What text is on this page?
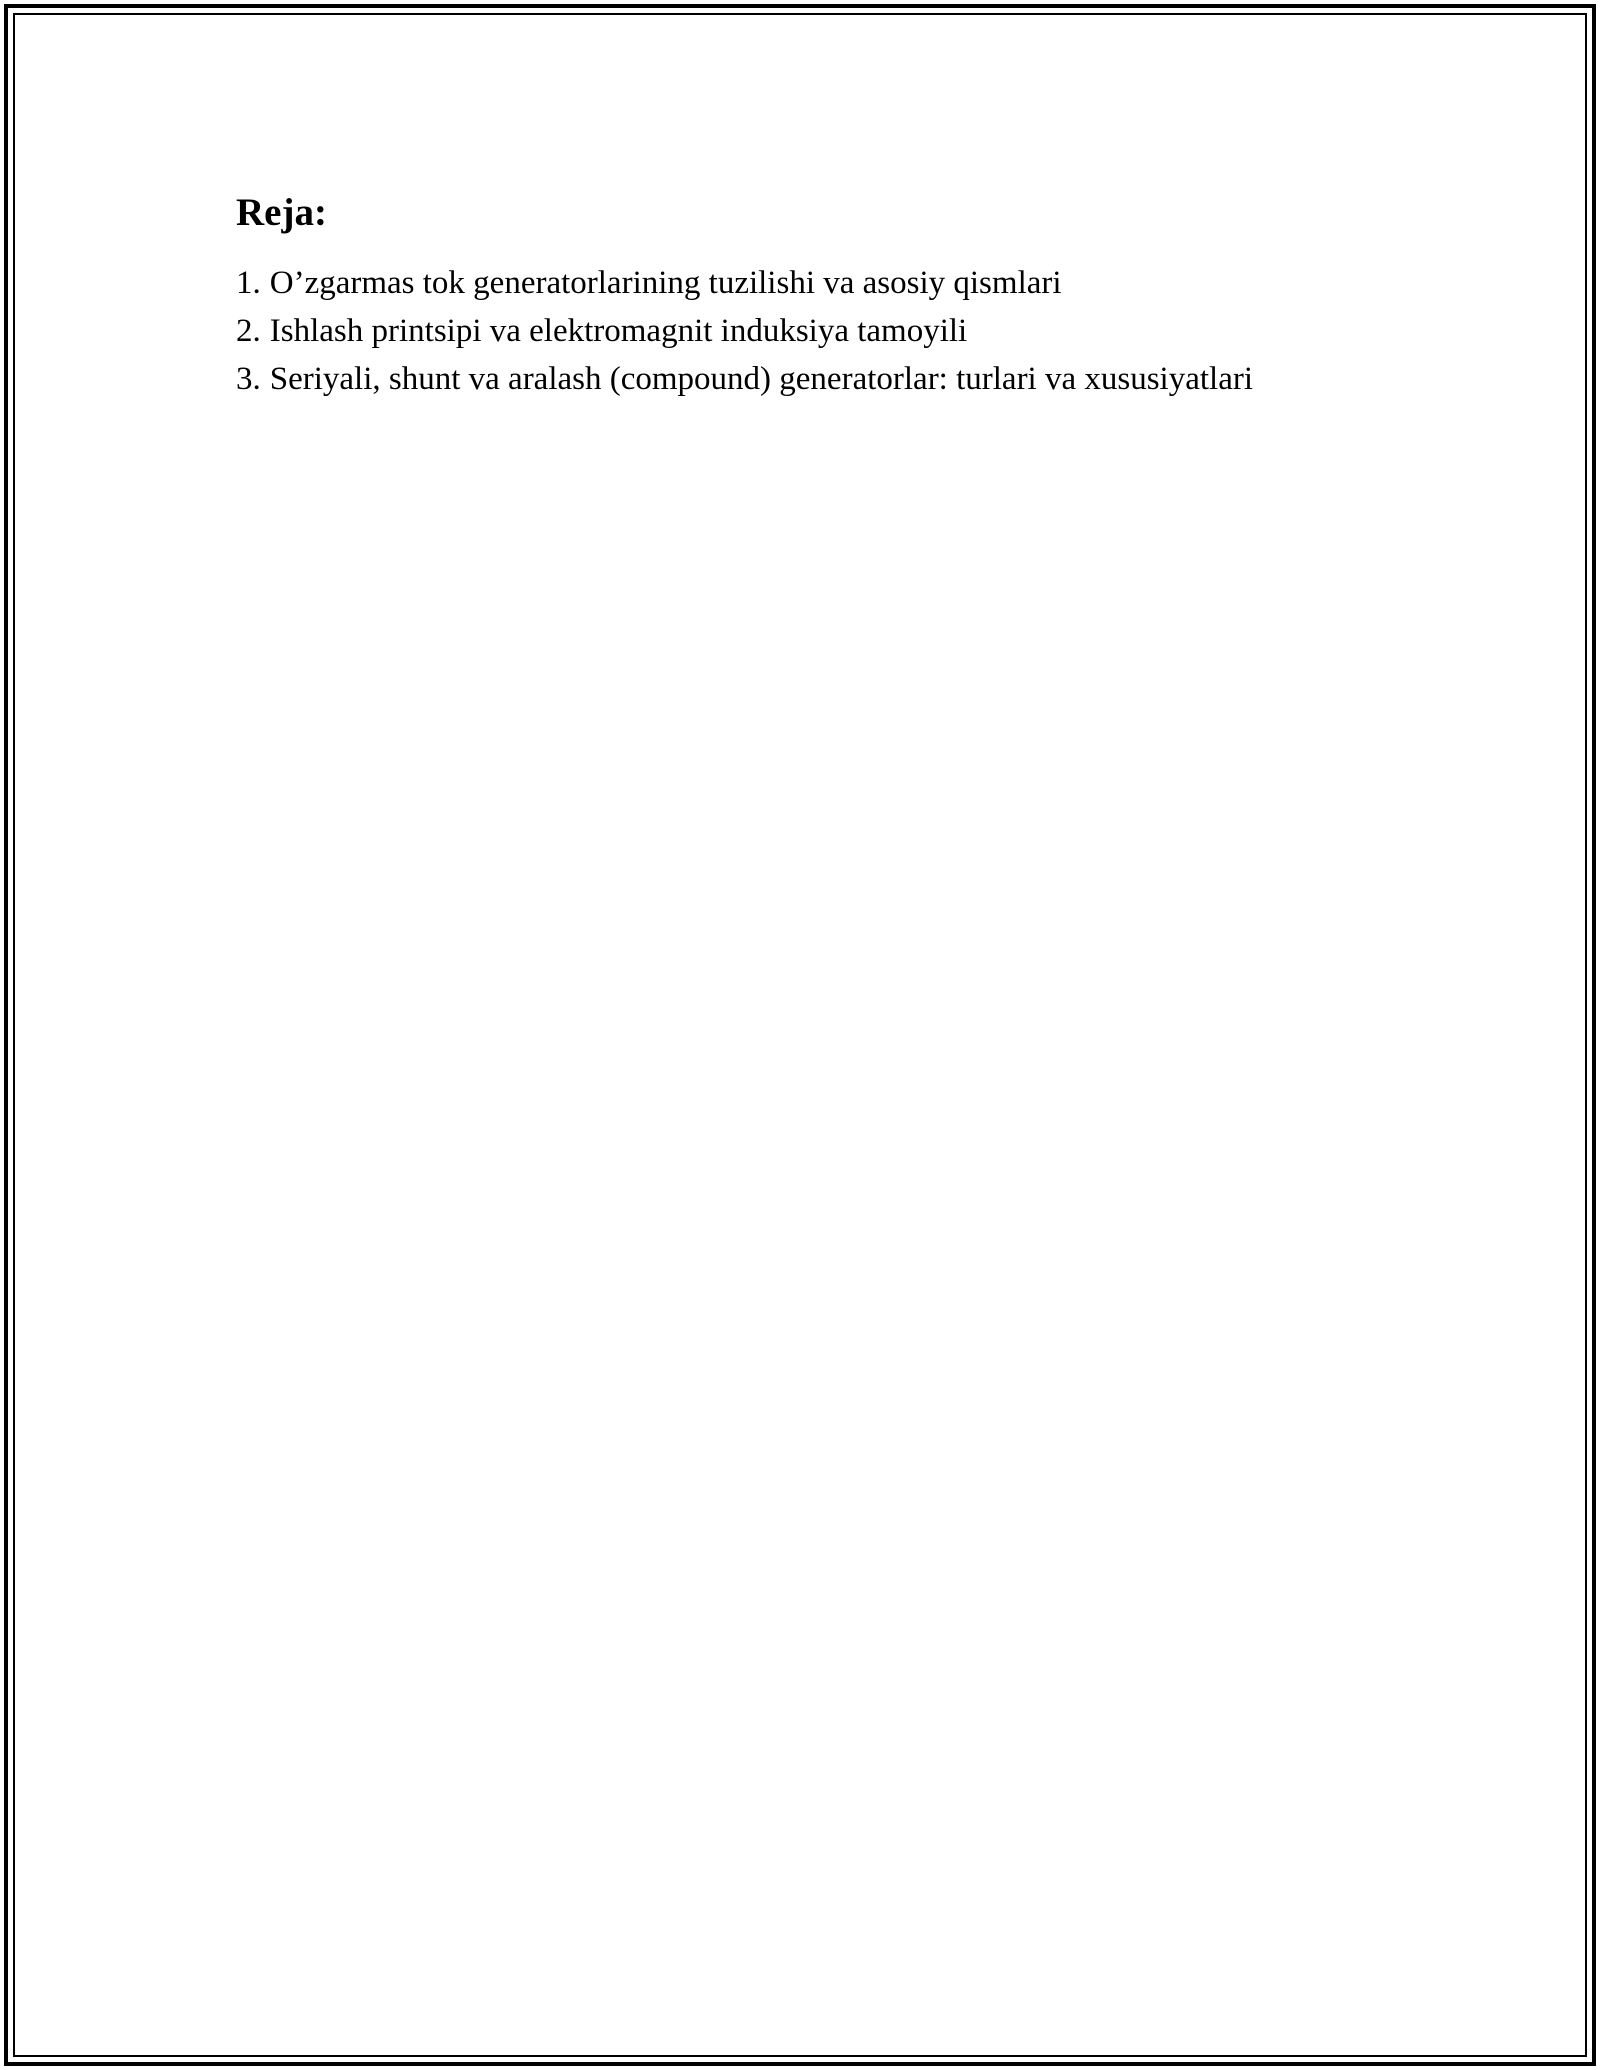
Reja:
1. O’zgarmas tok generatorlarining tuzilishi va asosiy qismlari
2. Ishlash printsipi va elektromagnit induksiya tamoyili
3. Seriyali, shunt va aralash (compound) generatorlar: turlari va xususiyatlari
